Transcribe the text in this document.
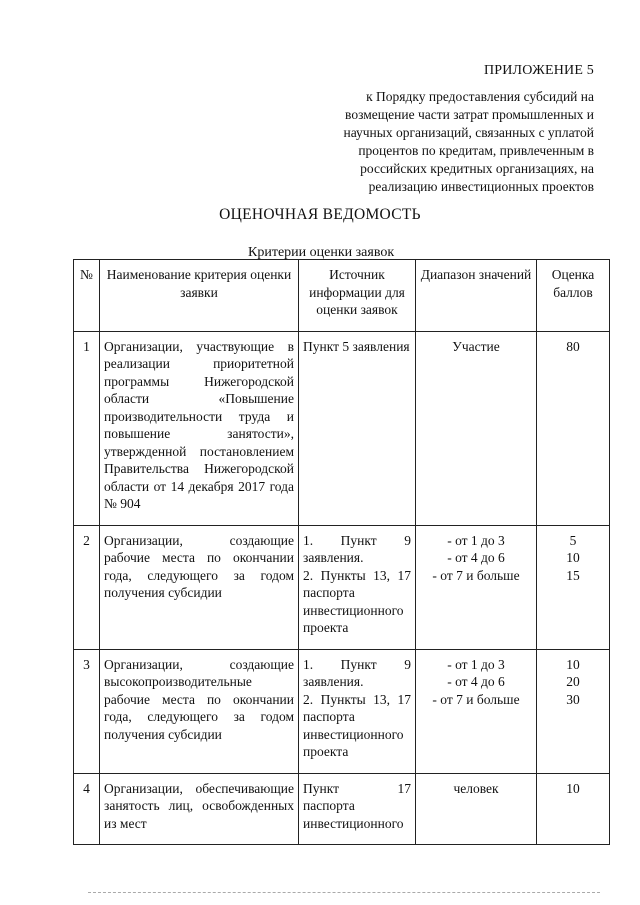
ПРИЛОЖЕНИЕ 5
к Порядку предоставления субсидий на
возмещение части затрат промышленных и
научных организаций, связанных с уплатой
процентов по кредитам, привлеченным в
российских кредитных организациях, на
реализацию инвестиционных проектов
ОЦЕНОЧНАЯ ВЕДОМОСТЬ
Критерии оценки заявок
№	Наименование критерия оценки заявки	Источник информации для оценки заявок	Диапазон значений	Оценка баллов
1	Организации, участвующие в реализации приоритетной программы Нижегородской области «Повышение производительности труда и повышение занятости», утвержденной постановлением Правительства Нижегородской области от 14 декабря 2017 года № 904	Пункт 5 заявления	Участие	80

2	Организации, создающие рабочие места по окончании года, следующего за годом получения субсидии	1. Пункт 9 заявления.
2. Пункты 13, 17 паспорта инвестиционного проекта	- от 1 до 3
- от 4 до 6
- от 7 и больше	5
10
15

3	Организации, создающие высокопроизводительные рабочие места по окончании года, следующего за годом получения субсидии	1. Пункт 9 заявления.
2. Пункты 13, 17 паспорта инвестиционного проекта	- от 1 до 3
- от 4 до 6
- от 7 и больше	10
20
30

4	Организации, обеспечивающие занятость лиц, освобожденных из мест	Пункт 17 паспорта инвестиционного	человек	10
